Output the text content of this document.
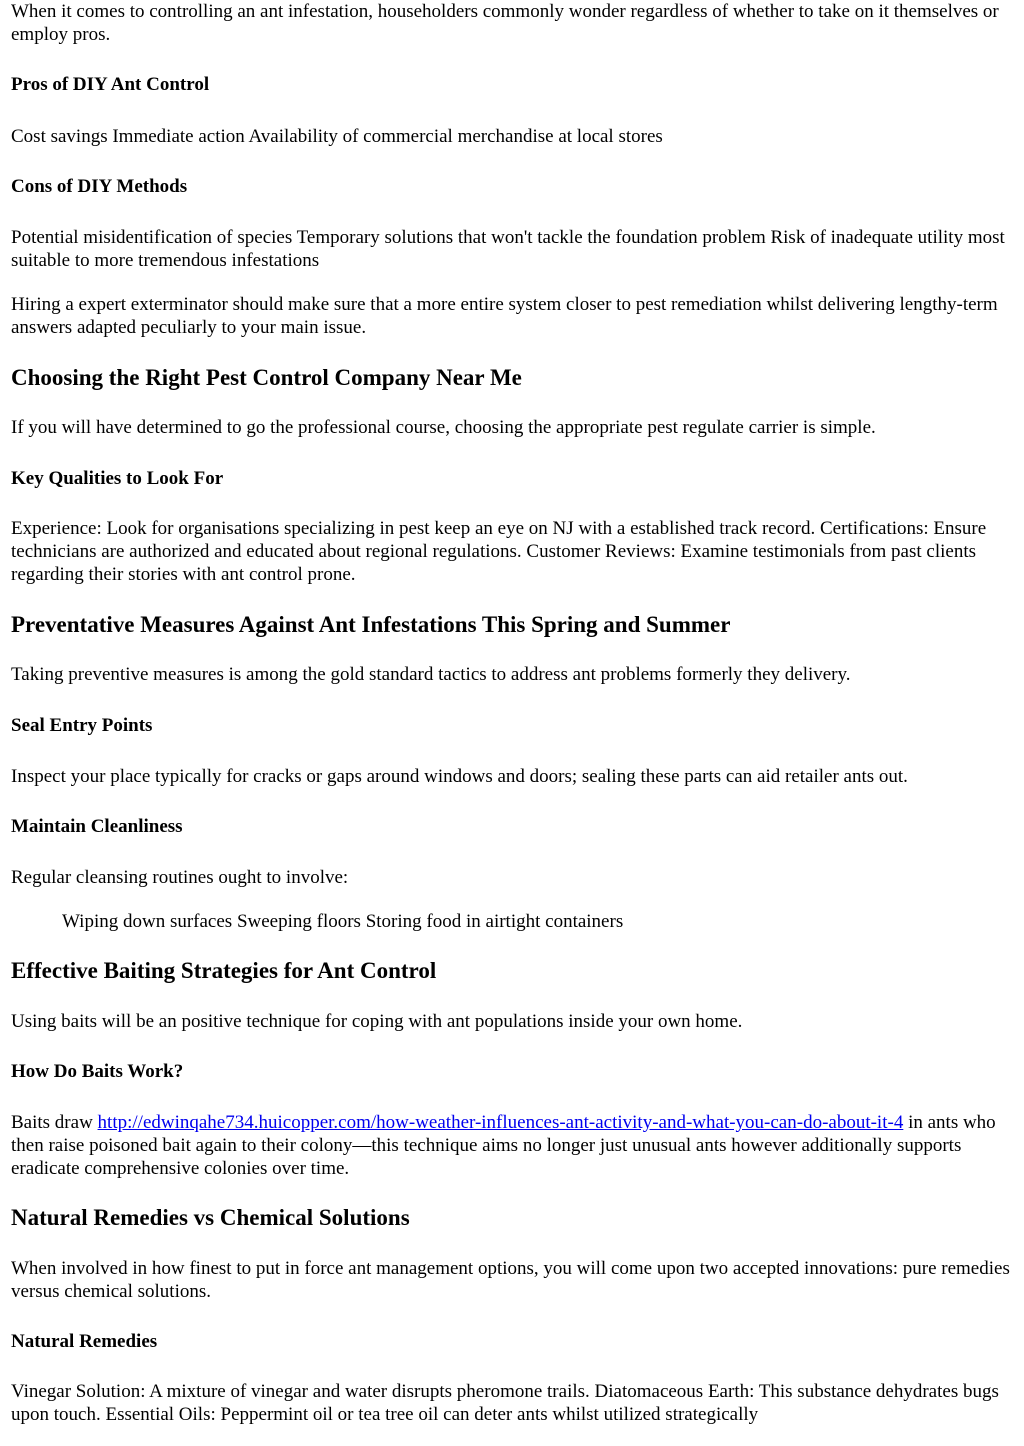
When it comes to controlling an ant infestation, householders commonly wonder regardless of whether to take on it themselves or employ pros.

Pros of DIY Ant Control

Cost savings Immediate action Availability of commercial merchandise at local stores

Cons of DIY Methods

Potential misidentification of species Temporary solutions that won't tackle the foundation problem Risk of inadequate utility most suitable to more tremendous infestations

Hiring a expert exterminator should make sure that a more entire system closer to pest remediation whilst delivering lengthy-term answers adapted peculiarly to your main issue.

Choosing the Right Pest Control Company Near Me

If you will have determined to go the professional course, choosing the appropriate pest regulate carrier is simple.

Key Qualities to Look For

Experience: Look for organisations specializing in pest keep an eye on NJ with a established track record. Certifications: Ensure technicians are authorized and educated about regional regulations. Customer Reviews: Examine testimonials from past clients regarding their stories with ant control prone.

Preventative Measures Against Ant Infestations This Spring and Summer

Taking preventive measures is among the gold standard tactics to address ant problems formerly they delivery.

Seal Entry Points

Inspect your place typically for cracks or gaps around windows and doors; sealing these parts can aid retailer ants out.

Maintain Cleanliness

Regular cleansing routines ought to involve:

Wiping down surfaces Sweeping floors Storing food in airtight containers

Effective Baiting Strategies for Ant Control

Using baits will be an positive technique for coping with ant populations inside your own home.

How Do Baits Work?

Baits draw http://edwinqahe734.huicopper.com/how-weather-influences-ant-activity-and-what-you-can-do-about-it-4 in ants who then raise poisoned bait again to their colony—this technique aims no longer just unusual ants however additionally supports eradicate comprehensive colonies over time.

Natural Remedies vs Chemical Solutions

When involved in how finest to put in force ant management options, you will come upon two accepted innovations: pure remedies versus chemical solutions.

Natural Remedies

Vinegar Solution: A mixture of vinegar and water disrupts pheromone trails. Diatomaceous Earth: This substance dehydrates bugs upon touch. Essential Oils: Peppermint oil or tea tree oil can deter ants whilst utilized strategically
